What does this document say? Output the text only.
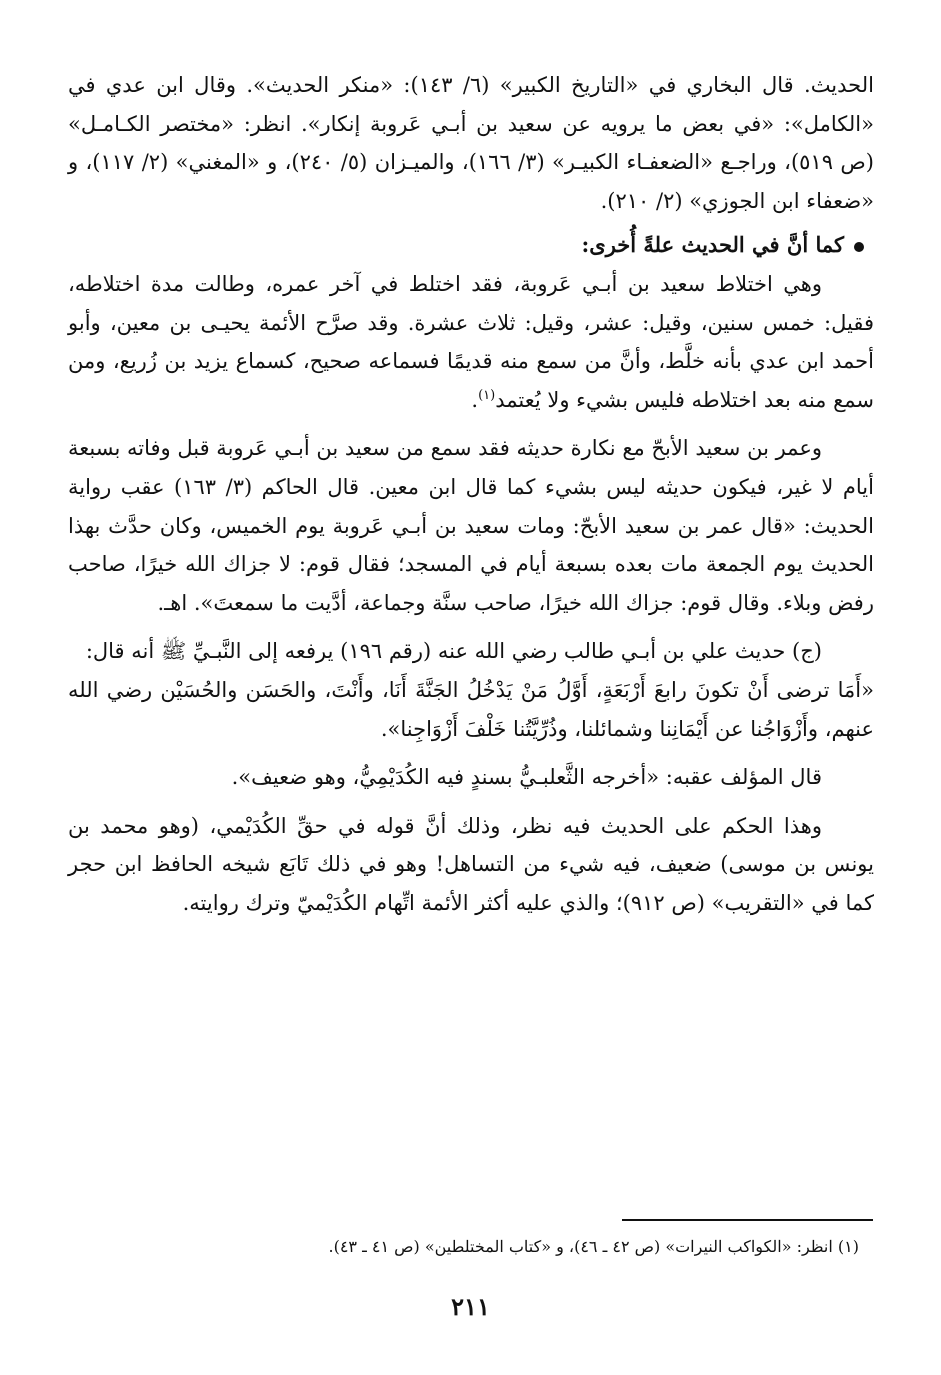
الحديث. قال البخاري في «التاريخ الكبير» (٦/ ١٤٣): «منكر الحديث». وقال ابن عدي في «الكامل»: «في بعض ما يرويه عن سعيد بن أبـي عَروبة إنكار». انظر: «مختصر الكـامـل» (ص ٥١٩)، وراجـع «الضعفـاء الكبيـر» (٣/ ١٦٦)، والميـزان (٥/ ٢٤٠)، و «المغني» (٢/ ١١٧)، و «ضعفاء ابن الجوزي» (٢/ ٢١٠).

كما أنَّ في الحديث علةً أُخرى:

وهي اختلاط سعيد بن أبـي عَروبة، فقد اختلط في آخر عمره، وطالت مدة اختلاطه، فقيل: خمس سنين، وقيل: عشر، وقيل: ثلاث عشرة. وقد صرَّح الأئمة يحيـى بن معين، وأبو أحمد ابن عدي بأنه خلَّط، وأنَّ من سمع منه قديمًا فسماعه صحيح، كسماع يزيد بن زُريع، ومن سمع منه بعد اختلاطه فليس بشيء ولا يُعتمد$^{(١)}$.

وعمر بن سعيد الأبحّ مع نكارة حديثه فقد سمع من سعيد بن أبـي عَروبة قبل وفاته بسبعة أيام لا غير، فيكون حديثه ليس بشيء كما قال ابن معين. قال الحاكم (٣/ ١٦٣) عقب رواية الحديث: «قال عمر بن سعيد الأبحّ: ومات سعيد بن أبـي عَروبة يوم الخميس، وكان حدَّث بهذا الحديث يوم الجمعة مات بعده بسبعة أيام في المسجد؛ فقال قوم: لا جزاك الله خيرًا، صاحب رفض وبلاء. وقال قوم: جزاك الله خيرًا، صاحب سنَّة وجماعة، أدَّيت ما سمعتَ». اهـ.

(ج) حديث علي بن أبـي طالب رضي الله عنه (رقم ١٩٦) يرفعه إلى النَّبـيِّ ﷺ أنه قال:

«أَمَا ترضى أَنْ تكونَ رابعَ أَرْبَعَةٍ، أَوَّلُ مَنْ يَدْخُلُ الجَنَّةَ أَنَا، وأَنْتَ، والحَسَن والحُسَيْن رضي الله عنهم، وأَزْوَاجُنا عن أَيْمَانِنا وشمائلنا، وذُرِّيَّتُنا خَلْفَ أَزْوَاجِنا».

قال المؤلف عقبه: «أخرجه الثَّعلبـيُّ بسندٍ فيه الكُدَيْمِيُّ، وهو ضعيف».

وهذا الحكم على الحديث فيه نظر، وذلك أنَّ قوله في حقِّ الكُدَيْمي، (وهو محمد بن يونس بن موسى) ضعيف، فيه شيء من التساهل! وهو في ذلك تَابَع شيخه الحافظ ابن حجر كما في «التقريب» (ص ٩١٢)؛ والذي عليه أكثر الأئمة اتِّهام الكُدَيْميّ وترك روايته.

(١) انظر: «الكواكب النيرات» (ص ٤٢ ـ ٤٦)، و «كتاب المختلطين» (ص ٤١ ـ ٤٣).
٢١١
